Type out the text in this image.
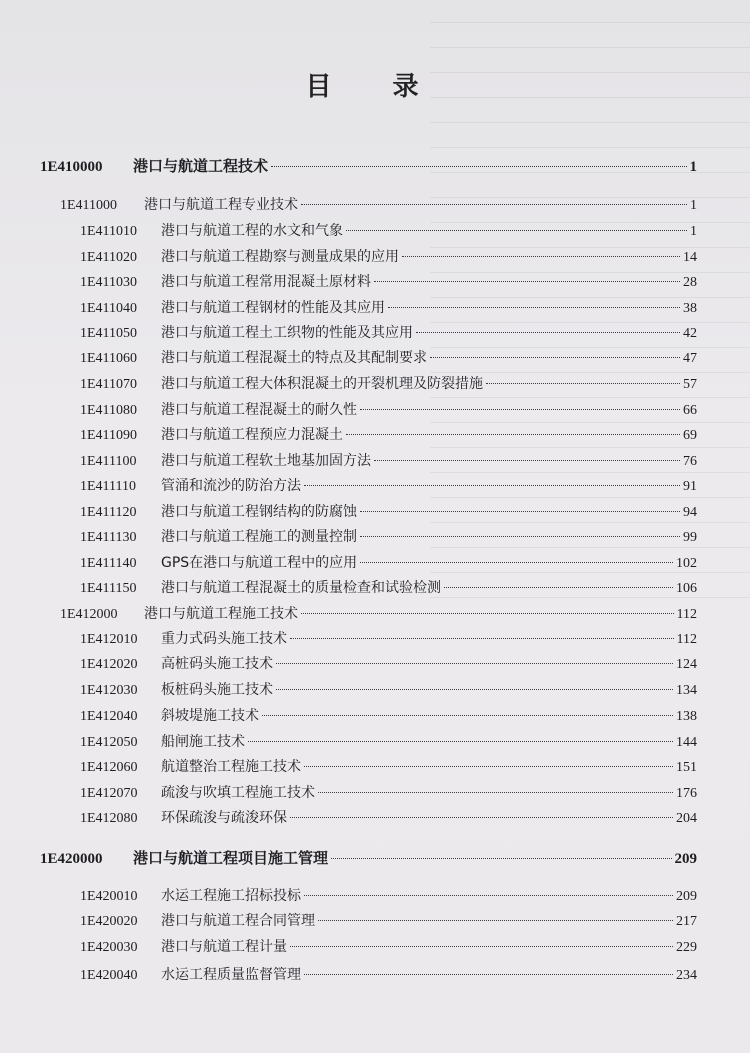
目 录
1E410000	港口与航道工程技术	1
1E411000	港口与航道工程专业技术	1
1E411010	港口与航道工程的水文和气象	1
1E411020	港口与航道工程勘察与测量成果的应用	14
1E411030	港口与航道工程常用混凝土原材料	28
1E411040	港口与航道工程钢材的性能及其应用	38
1E411050	港口与航道工程土工织物的性能及其应用	42
1E411060	港口与航道工程混凝土的特点及其配制要求	47
1E411070	港口与航道工程大体积混凝土的开裂机理及防裂措施	57
1E411080	港口与航道工程混凝土的耐久性	66
1E411090	港口与航道工程预应力混凝土	69
1E411100	港口与航道工程软土地基加固方法	76
1E411110	管涌和流沙的防治方法	91
1E411120	港口与航道工程钢结构的防腐蚀	94
1E411130	港口与航道工程施工的测量控制	99
1E411140	GPS在港口与航道工程中的应用	102
1E411150	港口与航道工程混凝土的质量检查和试验检测	106
1E412000	港口与航道工程施工技术	112
1E412010	重力式码头施工技术	112
1E412020	高桩码头施工技术	124
1E412030	板桩码头施工技术	134
1E412040	斜坡堤施工技术	138
1E412050	船闸施工技术	144
1E412060	航道整治工程施工技术	151
1E412070	疏浚与吹填工程施工技术	176
1E412080	环保疏浚与疏浚环保	204
1E420000	港口与航道工程项目施工管理	209
1E420010	水运工程施工招标投标	209
1E420020	港口与航道工程合同管理	217
1E420030	港口与航道工程计量	229
1E420040	水运工程质量监督管理	234
